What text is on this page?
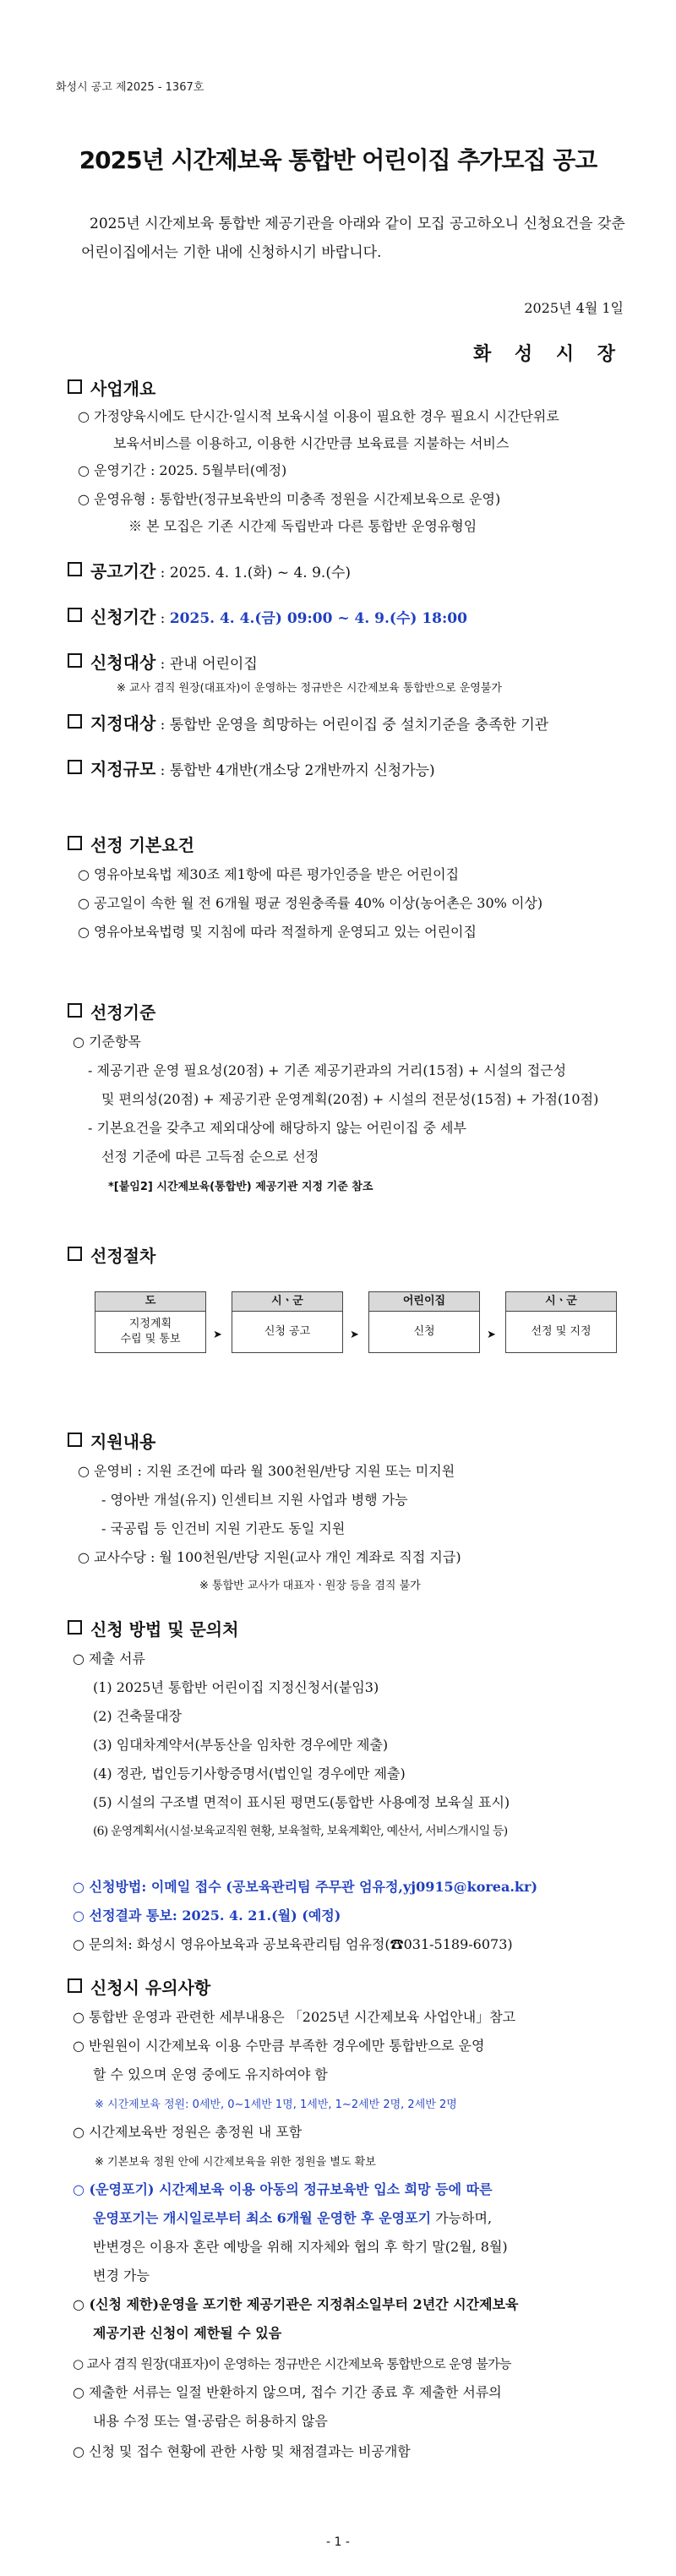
화성시 공고 제2025 - 1367호
2025년 시간제보육 통합반 어린이집 추가모집 공고
2025년 시간제보육 통합반 제공기관을 아래와 같이 모집 공고하오니 신청요건을 갖춘 어린이집에서는 기한 내에 신청하시기 바랍니다.
2025년 4월 1일
화 성 시 장
사업개요
○ 가정양육시에도 단시간·일시적 보육시설 이용이 필요한 경우 필요시 시간단위로
보육서비스를 이용하고, 이용한 시간만큼 보육료를 지불하는 서비스
○ 운영기간 : 2025. 5월부터(예정)
○ 운영유형 : 통합반(정규보육반의 미충족 정원을 시간제보육으로 운영)
※ 본 모집은 기존 시간제 독립반과 다른 통합반 운영유형임
공고기간 : 2025. 4. 1.(화) ~ 4. 9.(수)
신청기간 : 2025. 4. 4.(금) 09:00 ~ 4. 9.(수) 18:00
신청대상 : 관내 어린이집
※ 교사 겸직 원장(대표자)이 운영하는 정규반은 시간제보육 통합반으로 운영불가
지정대상 : 통합반 운영을 희망하는 어린이집 중 설치기준을 충족한 기관
지정규모 : 통합반 4개반(개소당 2개반까지 신청가능)
선정 기본요건
○ 영유아보육법 제30조 제1항에 따른 평가인증을 받은 어린이집
○ 공고일이 속한 월 전 6개월 평균 정원충족률 40% 이상(농어촌은 30% 이상)
○ 영유아보육법령 및 지침에 따라 적절하게 운영되고 있는 어린이집
선정기준
○ 기준항목
- 제공기관 운영 필요성(20점) + 기존 제공기관과의 거리(15점) + 시설의 접근성
및 편의성(20점) + 제공기관 운영계획(20점) + 시설의 전문성(15점) + 가점(10점)
- 기본요건을 갖추고 제외대상에 해당하지 않는 어린이집 중 세부
선정 기준에 따른 고득점 순으로 선정
*[붙임2] 시간제보육(통합반) 제공기관 지정 기준 참조
선정절차
도
지정계획
수립 및 통보	➤
시ㆍ군
신청 공고	➤
어린이집
신청	➤
시ㆍ군
선정 및 지정
지원내용
○ 운영비 : 지원 조건에 따라 월 300천원/반당 지원 또는 미지원
- 영아반 개설(유지) 인센티브 지원 사업과 병행 가능
- 국공립 등 인건비 지원 기관도 동일 지원
○ 교사수당 : 월 100천원/반당 지원(교사 개인 계좌로 직접 지급)
※ 통합반 교사가 대표자ㆍ원장 등을 겸직 불가
신청 방법 및 문의처
○ 제출 서류
(1) 2025년 통합반 어린이집 지정신청서(붙임3)
(2) 건축물대장
(3) 임대차계약서(부동산을 임차한 경우에만 제출)
(4) 정관, 법인등기사항증명서(법인일 경우에만 제출)
(5) 시설의 구조별 면적이 표시된 평면도(통합반 사용예정 보육실 표시)
(6) 운영계획서(시설·보육교직원 현황, 보육철학, 보육계획안, 예산서, 서비스개시일 등)
○ 신청방법: 이메일 접수 (공보육관리팀 주무관 엄유정,yj0915@korea.kr)
○ 선정결과 통보: 2025. 4. 21.(월) (예정)
○ 문의처: 화성시 영유아보육과 공보육관리팀 엄유정(☎031-5189-6073)
신청시 유의사항
○ 통합반 운영과 관련한 세부내용은 「2025년 시간제보육 사업안내」참고
○ 반원원이 시간제보육 이용 수만큼 부족한 경우에만 통합반으로 운영
할 수 있으며 운영 중에도 유지하여야 함
※ 시간제보육 정원: 0세반, 0~1세반 1명, 1세반, 1~2세반 2명, 2세반 2명
○ 시간제보육반 정원은 총정원 내 포함
※ 기본보육 정원 안에 시간제보육을 위한 정원을 별도 확보
○ (운영포기) 시간제보육 이용 아동의 정규보육반 입소 희망 등에 따른
운영포기는 개시일로부터 최소 6개월 운영한 후 운영포기 가능하며,
반변경은 이용자 혼란 예방을 위해 지자체와 협의 후 학기 말(2월, 8월)
변경 가능
○ (신청 제한)운영을 포기한 제공기관은 지정취소일부터 2년간 시간제보육
제공기관 신청이 제한될 수 있음
○ 교사 겸직 원장(대표자)이 운영하는 정규반은 시간제보육 통합반으로 운영 불가능
○ 제출한 서류는 일절 반환하지 않으며, 접수 기간 종료 후 제출한 서류의
내용 수정 또는 열·공람은 허용하지 않음
○ 신청 및 접수 현황에 관한 사항 및 채점결과는 비공개함
- 1 -
